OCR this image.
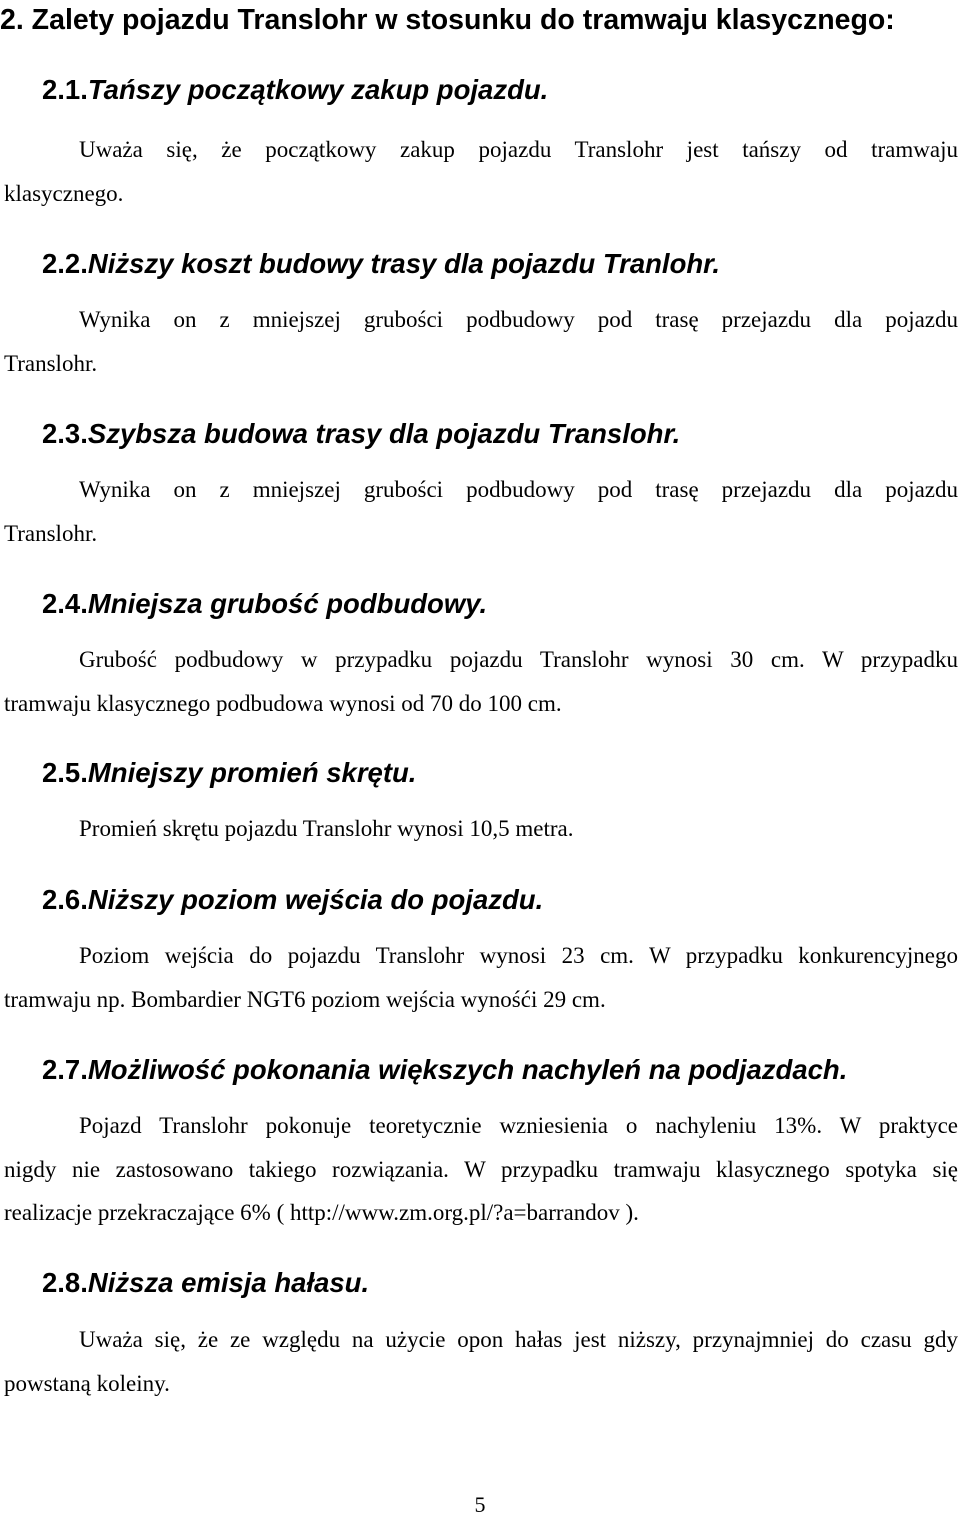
2. Zalety pojazdu Translohr w stosunku do tramwaju klasycznego:
2.1.Tańszy początkowy zakup pojazdu.
Uważa się, że początkowy zakup pojazdu Translohr jest tańszy od tramwaju
klasycznego.
2.2.Niższy koszt budowy trasy dla pojazdu Tranlohr.
Wynika on z mniejszej grubości podbudowy pod trasę przejazdu dla pojazdu
Translohr.
2.3.Szybsza budowa trasy dla pojazdu Translohr.
Wynika on z mniejszej grubości podbudowy pod trasę przejazdu dla pojazdu
Translohr.
2.4.Mniejsza grubość podbudowy.
Grubość podbudowy w przypadku pojazdu Translohr wynosi 30 cm. W przypadku
tramwaju klasycznego podbudowa wynosi od 70 do 100 cm.
2.5.Mniejszy promień skrętu.
Promień skrętu pojazdu Translohr wynosi 10,5 metra.
2.6.Niższy poziom wejścia do pojazdu.
Poziom wejścia do pojazdu Translohr wynosi 23 cm. W przypadku konkurencyjnego
tramwaju np. Bombardier NGT6 poziom wejścia wynośći 29 cm.
2.7.Możliwość pokonania większych nachyleń na podjazdach.
Pojazd Translohr pokonuje teoretycznie wzniesienia o nachyleniu 13%. W praktyce
nigdy nie zastosowano takiego rozwiązania. W przypadku tramwaju klasycznego spotyka się
realizacje przekraczające 6% ( http://www.zm.org.pl/?a=barrandov ).
2.8.Niższa emisja hałasu.
Uważa się, że ze względu na użycie opon hałas jest niższy, przynajmniej do czasu gdy
powstaną koleiny.
5
